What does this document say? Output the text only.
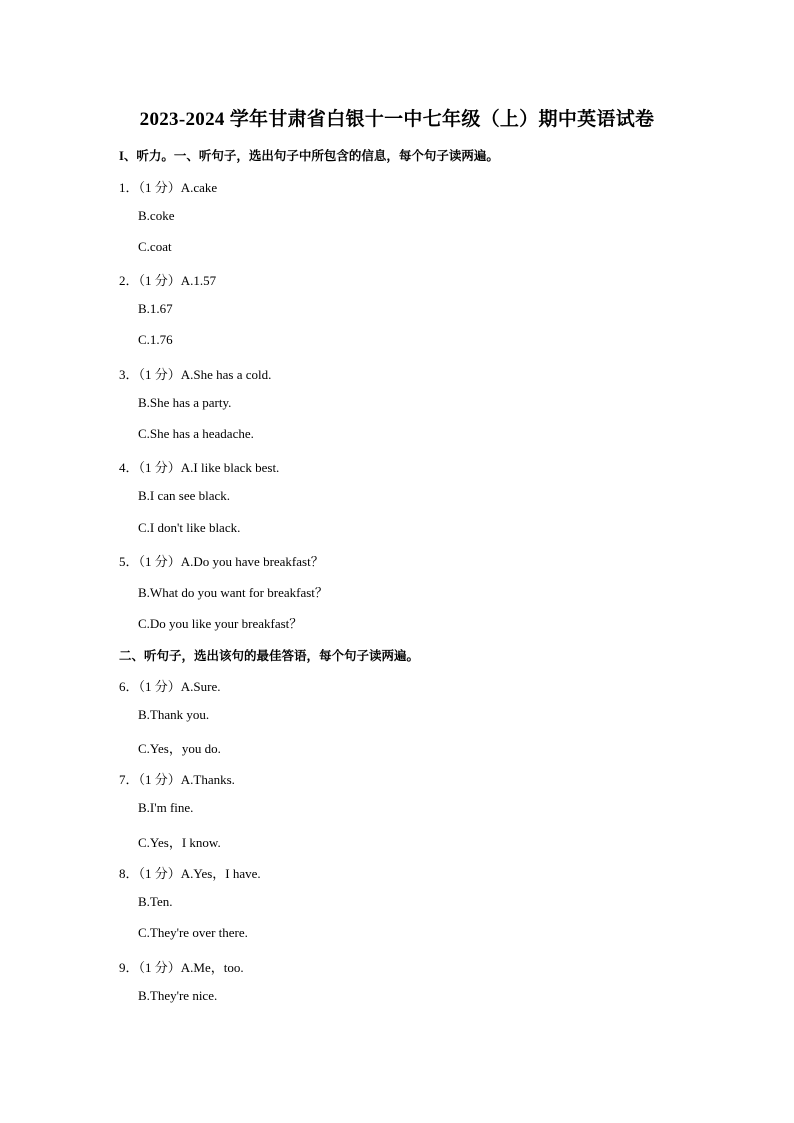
2023-2024 学年甘肃省白银十一中七年级（上）期中英语试卷
I、听力。一、听句子，选出句子中所包含的信息，每个句子读两遍。
1．（1 分）A.cake
B.coke
C.coat
2．（1 分）A.1.57
B.1.67
C.1.76
3．（1 分）A.She has a cold.
B.She has a party.
C.She has a headache.
4．（1 分）A.I like black best.
B.I can see black.
C.I don't like black.
5．（1 分）A.Do you have breakfast？
B.What do you want for breakfast？
C.Do you like your breakfast？
二、听句子，选出该句的最佳答语，每个句子读两遍。
6．（1 分）A.Sure.
B.Thank you.
C.Yes，you do.
7．（1 分）A.Thanks.
B.I'm fine.
C.Yes，I know.
8．（1 分）A.Yes，I have.
B.Ten.
C.They're over there.
9．（1 分）A.Me，too.
B.They're nice.
